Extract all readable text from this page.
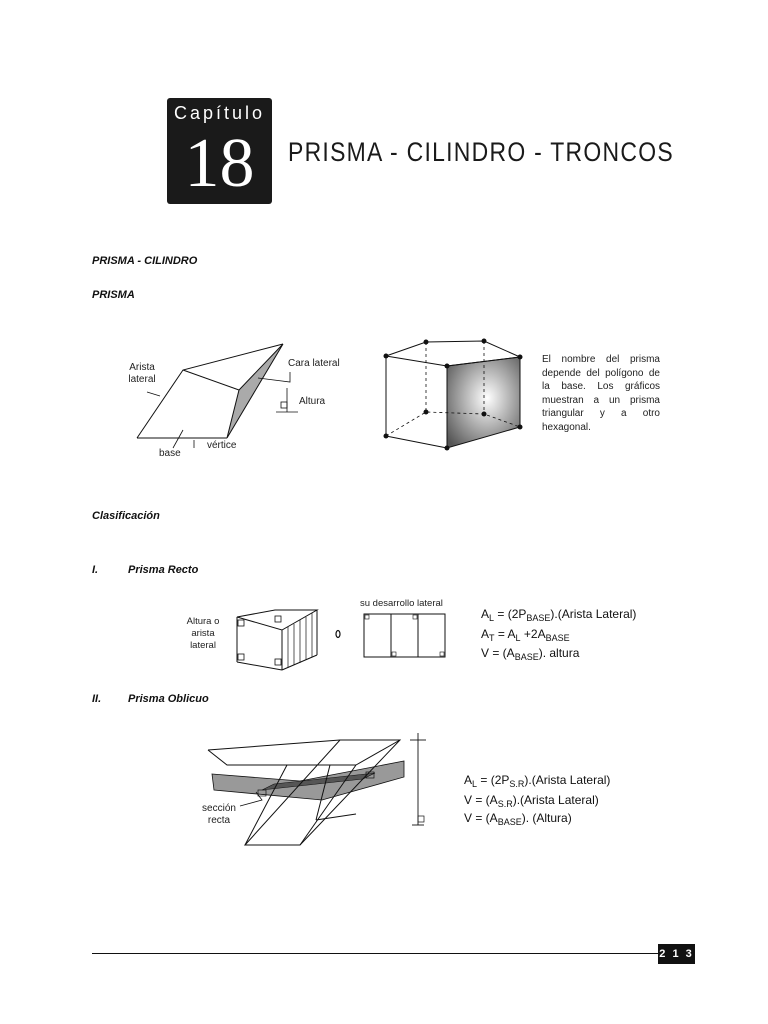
Capítulo
18	PRISMA - CILINDRO - TRONCOS
PRISMA - CILINDRO
PRISMA
Arista
lateral
Cara lateral
Altura
vértice
base
El nombre del prisma depende del polígono de la base. Los gráficos muestran a un prisma triangular y a otro hexagonal.
Clasificación
I.	Prisma Recto
Altura o
arista
lateral
su desarrollo lateral
$A_L$ = $(2P_{BASE}).(Arista$ Lateral)
$A_T = A_L +2A_{BASE}$
$V = (A_{BASE})$. altura
II. Prisma Oblicuo
sección
recta
$A_L$ = $(2P_{S.R}).(Arista$ Lateral)
$V = (A_{S.R}).(Arista$ Lateral)
$V = (A_{BASE})$. (Altura)
2 1 3
